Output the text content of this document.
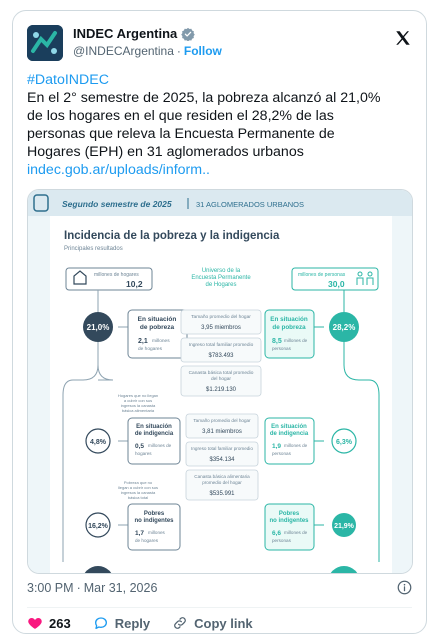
INDEC Argentina
@INDECArgentina · Follow

#DatoINDEC

En el 2° semestre de 2025, la pobreza alcanzó al 21,0%

de los hogares en el que residen el 28,2% de las

personas que releva la Encuesta Permanente de

Hogares (EPH) en 31 aglomerados urbanos

indec.gob.ar/uploads/inform..

Segundo semestre de 2025	31 AGLOMERADOS URBANOS
Incidencia de la pobreza y la indigencia
Principales resultados
millones de hogares
10,2
Universo de la
Encuesta Permanente
de Hogares
millones de personas
30,0
21,0%	28,2%
En situación
de pobreza
2,1 millones
de hogares
En situación
de pobreza
8,5 millones de
personas
Tamaño promedio del hogar
3,95 miembros
Ingreso total familiar promedio
$783.493
Canasta básica total promedio
del hogar
$1.219.130
Hogares que no llegan
a cubrir con sus
ingresos la canasta
básica alimentaria
4,8%	6,3%
En situación
de indigencia
0,5 millones de
hogares
En situación
de indigencia
1,9 millones de
personas
Tamaño promedio del hogar
3,81 miembros
Ingreso total familiar promedio
$354.134
Canasta básica alimentaria
promedio del hogar
$535.991
Pobreza que no
llegan a cubrir con sus
ingresos la canasta
básica total
16,2%	21,9%
Pobres
no indigentes
1,7 millones
de hogares
Pobres
no indigentes
6,6 millones de
personas
3:00 PM · Mar 31, 2026
263	Reply	Copy link
